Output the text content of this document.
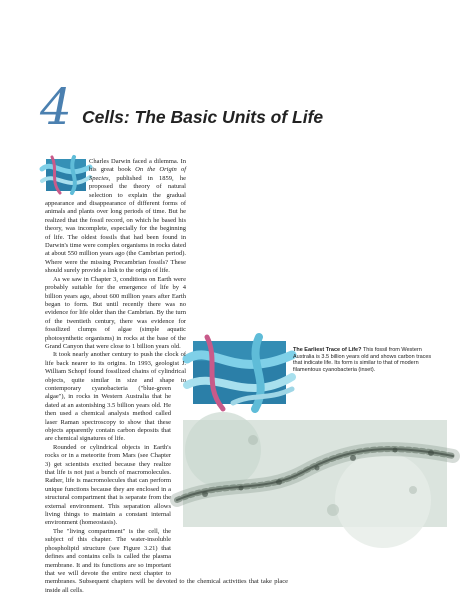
4 Cells: The Basic Units of Life

Charles Darwin faced a dilemma. In his great book On the Origin of Species, published in 1859, he proposed the theory of natural selection to explain the gradual appearance and disappearance of different forms of animals and plants over long periods of time. But he realized that the fossil record, on which he based his theory, was incomplete, especially for the beginning of life. The oldest fossils that had been found in Darwin's time were complex organisms in rocks dated at about 550 million years ago (the Cambrian period). Where were the missing Precambrian fossils? These should surely provide a link to the origin of life.

As we saw in Chapter 3, conditions on Earth were probably suitable for the emergence of life by 4 billion years ago, about 600 million years after Earth began to form. But until recently there was no evidence for life older than the Cambrian. By the turn of the twentieth century, there was evidence for fossilized clumps of algae (simple aquatic photosynthetic organisms) in rocks at the base of the Grand Canyon that were close to 1 billion years old.

It took nearly another century to push the clock of life back nearer to its origins. In 1993, geologist J. William Schopf found fossilized chains of cylindrical objects, quite similar in size and shape to contemporary cyanobacteria ("blue-green algae"), in rocks in Western Australia that he dated at an astonishing 3.5 billion years old. He then used a chemical analysis method called laser Raman spectroscopy to show that these objects apparently contain carbon deposits that are chemical signatures of life.

Rounded or cylindrical objects in Earth's rocks or in a meteorite from Mars (see Chapter 3) get scientists excited because they realize that life is not just a bunch of macromolecules. Rather, life is macromolecules that can perform unique functions because they are enclosed in a structural compartment that is separate from the external environment. This separation allows living things to maintain a constant internal environment (homeostasis).

The "living compartment" is the cell, the subject of this chapter. The water-insoluble phospholipid structure (see Figure 3.21) that defines and contains cells is called the plasma membrane. It and its functions are so important that we will devote the entire next chapter to membranes. Subsequent chapters will be devoted to the chemical activities that take place inside all cells.

The Earliest Trace of Life? This fossil from Western Australia is 3.5 billion years old and shows carbon traces that indicate life. Its form is similar to that of modern filamentous cyanobacteria (inset).
